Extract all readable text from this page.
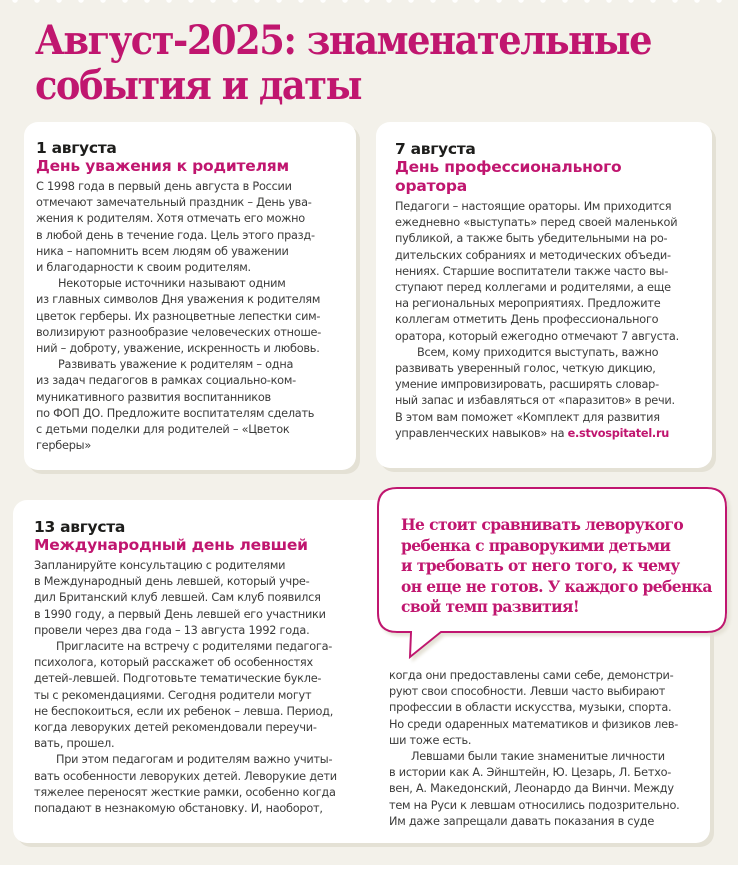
Август-2025: знаменательные
события и даты
1 августа
День уважения к родителям

С 1998 года в первый день августа в России

отмечают замечательный праздник – День ува-

жения к родителям. Хотя отмечать его можно

в любой день в течение года. Цель этого празд-

ника – напомнить всем людям об уважении

и благодарности к своим родителям.

Некоторые источники называют одним

из главных символов Дня уважения к родителям

цветок герберы. Их разноцветные лепестки сим-

волизируют разнообразие человеческих отноше-

ний – доброту, уважение, искренность и любовь.

Развивать уважение к родителям – одна

из задач педагогов в рамках социально-ком-

муникативного развития воспитанников

по ФОП ДО. Предложите воспитателям сделать

с детьми поделки для родителей – «Цветок

герберы»

7 августа
День профессионального
оратора

Педагоги – настоящие ораторы. Им приходится

ежедневно «выступать» перед своей маленькой

публикой, а также быть убедительными на ро-

дительских собраниях и методических объеди-

нениях. Старшие воспитатели также часто вы-

ступают перед коллегами и родителями, а еще

на региональных мероприятиях. Предложите

коллегам отметить День профессионального

оратора, который ежегодно отмечают 7 августа.

Всем, кому приходится выступать, важно

развивать уверенный голос, четкую дикцию,

умение импровизировать, расширять словар-

ный запас и избавляться от «паразитов» в речи.

В этом вам поможет «Комплект для развития

управленческих навыков» на e.stvospitatel.ru

13 августа
Международный день левшей

Запланируйте консультацию с родителями

в Международный день левшей, который учре-

дил Британский клуб левшей. Сам клуб появился

в 1990 году, а первый День левшей его участники

провели через два года – 13 августа 1992 года.

Пригласите на встречу с родителями педагога-

психолога, который расскажет об особенностях

детей-левшей. Подготовьте тематические букле-

ты с рекомендациями. Сегодня родители могут

не беспокоиться, если их ребенок – левша. Период,

когда леворуких детей рекомендовали переучи-

вать, прошел.

При этом педагогам и родителям важно учиты-

вать особенности леворуких детей. Леворукие дети

тяжелее переносят жесткие рамки, особенно когда

попадают в незнакомую обстановку. И, наоборот,

когда они предоставлены сами себе, демонстри-

руют свои способности. Левши часто выбирают

профессии в области искусства, музыки, спорта.

Но среди одаренных математиков и физиков лев-

ши тоже есть.

Левшами были такие знаменитые личности

в истории как А. Эйнштейн, Ю. Цезарь, Л. Бетхо-

вен, А. Македонский, Леонардо да Винчи. Между

тем на Руси к левшам относились подозрительно.

Им даже запрещали давать показания в суде

Не стоит сравнивать леворукого

ребенка с праворукими детьми

и требовать от него того, к чему

он еще не готов. У каждого ребенка

свой темп развития!
